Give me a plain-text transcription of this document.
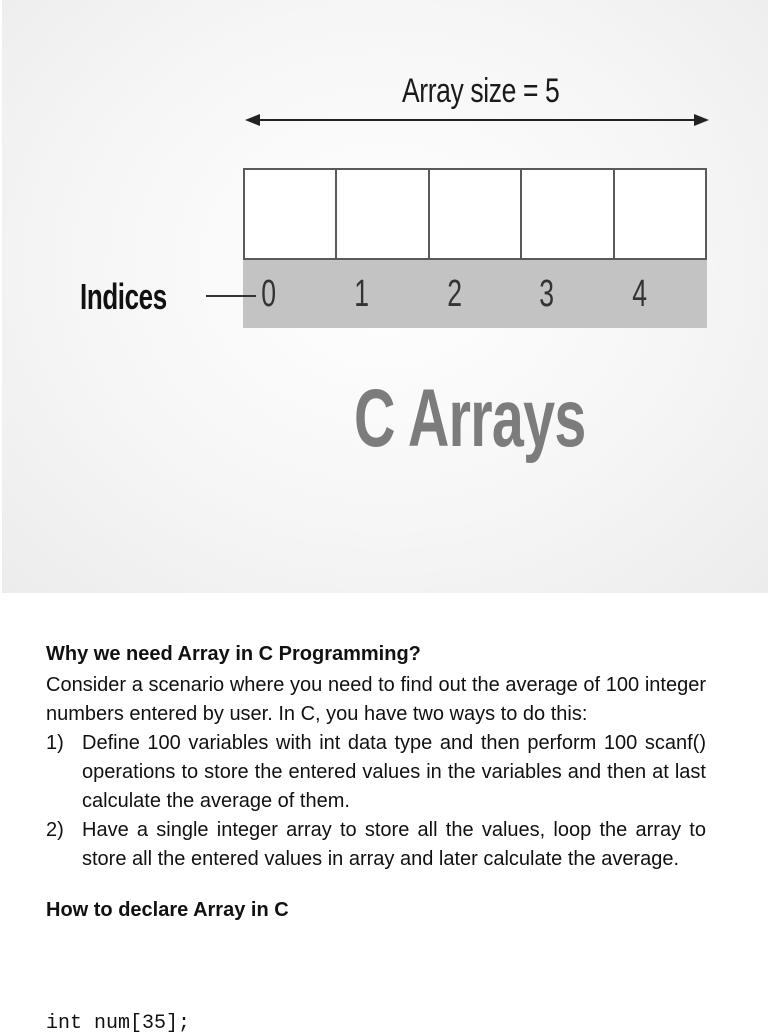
Array size = 5
0	1	2	3	4
Indices
C Arrays

Why we need Array in C Programming?

Consider a scenario where you need to find out the average of 100 integer numbers entered by user. In C, you have two ways to do this:

1) Define 100 variables with int data type and then perform 100 scanf() operations to store the entered values in the variables and then at last calculate the average of them.
2) Have a single integer array to store all the values, loop the array to store all the entered values in array and later calculate the average.

How to declare Array in C

int num[35];
